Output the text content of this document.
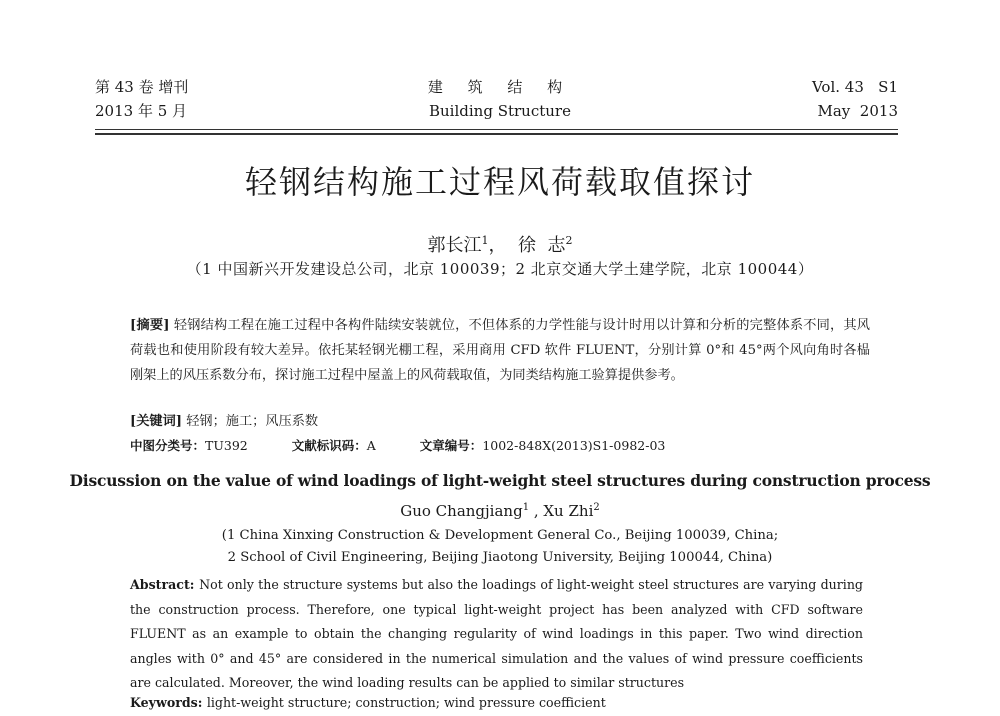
第 43 卷 增刊
2013 年 5 月
建 筑 结 构
Building Structure
Vol. 43   S1
May  2013
轻钢结构施工过程风荷载取值探讨
郭长江$^1$，  徐  志$^2$
（1 中国新兴开发建设总公司，北京 100039；2 北京交通大学土建学院，北京 100044）
[摘要] 轻钢结构工程在施工过程中各构件陆续安装就位，不但体系的力学性能与设计时用以计算和分析的完整体系不同，其风荷载也和使用阶段有较大差异。依托某轻钢光棚工程，采用商用 CFD 软件 FLUENT，分别计算 0°和 45°两个风向角时各榀刚架上的风压系数分布，探讨施工过程中屋盖上的风荷载取值，为同类结构施工验算提供参考。
[关键词] 轻钢；施工；风压系数
中图分类号：TU392	文献标识码：A	文章编号：1002-848X(2013)S1-0982-03
Discussion on the value of wind loadings of light-weight steel structures during construction process
Guo Changjiang$^1$ , Xu Zhi$^2$
(1 China Xinxing Construction & Development General Co., Beijing 100039, China;
2 School of Civil Engineering, Beijing Jiaotong University, Beijing 100044, China)
Abstract: Not only the structure systems but also the loadings of light-weight steel structures are varying during the construction process. Therefore, one typical light-weight project has been analyzed with CFD software FLUENT as an example to obtain the changing regularity of wind loadings in this paper. Two wind direction angles with 0° and 45° are considered in the numerical simulation and the values of wind pressure coefficients are calculated. Moreover, the wind loading results can be applied to similar structures
Keywords: light-weight structure; construction; wind pressure coefficient
